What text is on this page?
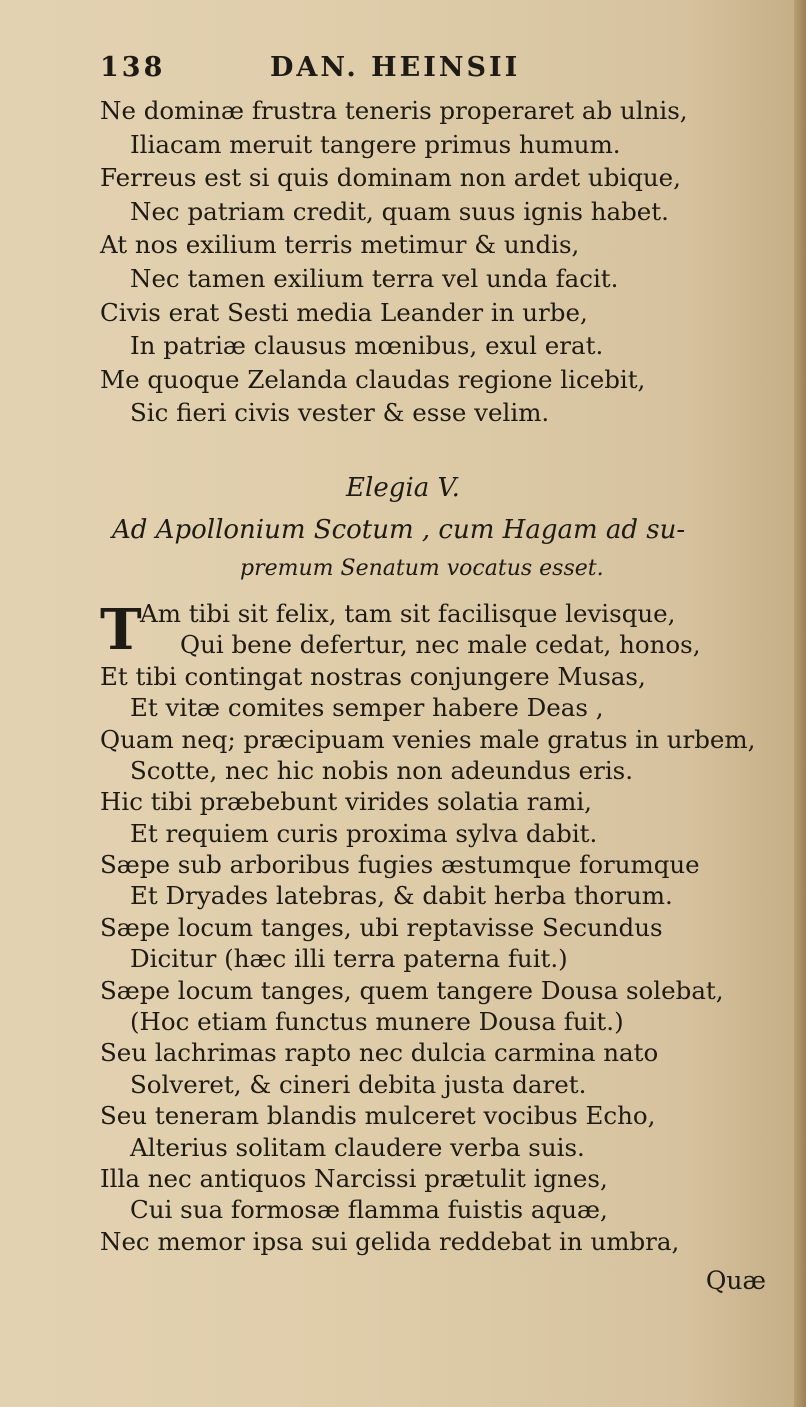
138	DAN. HEINSII
Ne dominæ frustra teneris properaret ab ulnis,
Iliacam meruit tangere primus humum.
Ferreus est si quis dominam non ardet ubique,
Nec patriam credit, quam suus ignis habet.
At nos exilium terris metimur & undis,
Nec tamen exilium terra vel unda facit.
Civis erat Sesti media Leander in urbe,
In patriæ clausus mœnibus, exul erat.
Me quoque Zelanda claudas regione licebit,
Sic fieri civis vester & esse velim.
Elegia V.
Ad Apollonium Scotum , cum Hagam ad su-
premum Senatum vocatus esset.
T
Am tibi sit felix, tam sit facilisque levisque,
Qui bene defertur, nec male cedat, honos,
Et tibi contingat nostras conjungere Musas,
Et vitæ comites semper habere Deas ,
Quam neq; præcipuam venies male gratus in urbem,
Scotte, nec hic nobis non adeundus eris.
Hic tibi præbebunt virides solatia rami,
Et requiem curis proxima sylva dabit.
Sæpe sub arboribus fugies æstumque forumque
Et Dryades latebras, & dabit herba thorum.
Sæpe locum tanges, ubi reptavisse Secundus
Dicitur (hæc illi terra paterna fuit.)
Sæpe locum tanges, quem tangere Dousa solebat,
(Hoc etiam functus munere Dousa fuit.)
Seu lachrimas rapto nec dulcia carmina nato
Solveret, & cineri debita justa daret.
Seu teneram blandis mulceret vocibus Echo,
Alterius solitam claudere verba suis.
Illa nec antiquos Narcissi prætulit ignes,
Cui sua formosæ flamma fuistis aquæ,
Nec memor ipsa sui gelida reddebat in umbra,
Quæ
